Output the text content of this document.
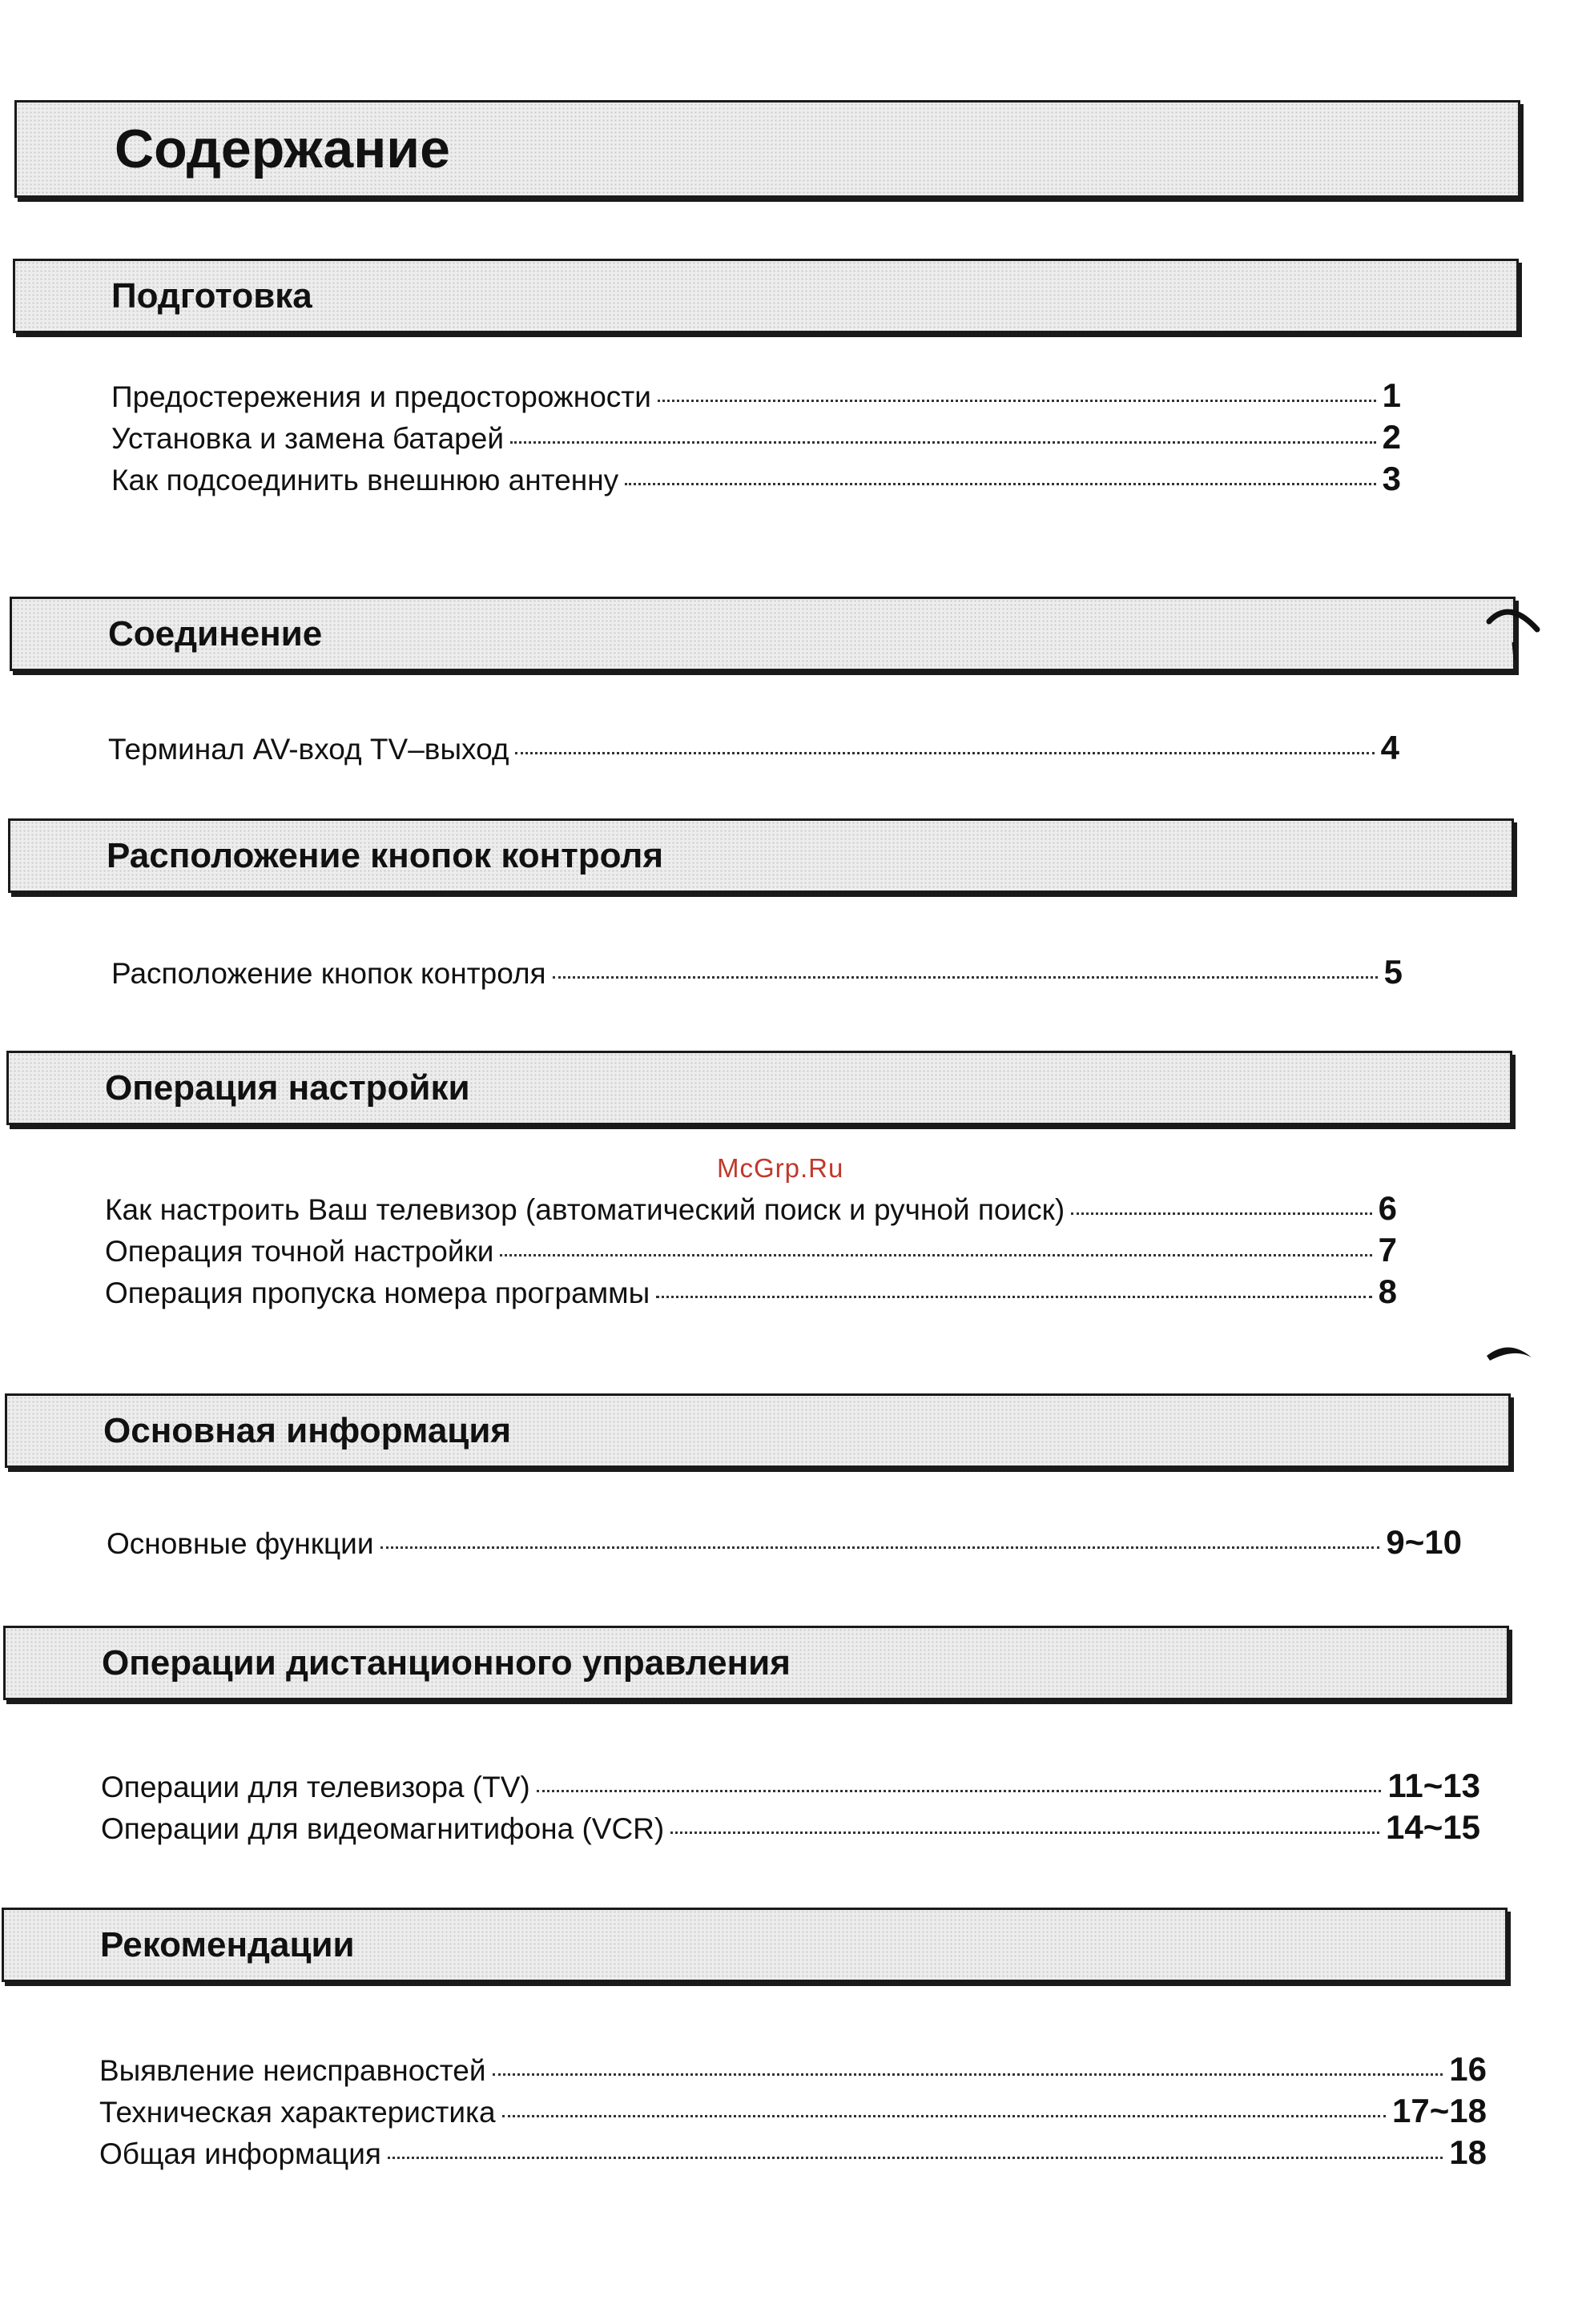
Содержание
Подготовка
Предостережения и предосторожности	1
Установка и замена батарей	2
Как подсоединить внешнюю антенну	3
Соединение
Терминал AV-вход TV–выход	4
Расположение кнопок контроля
Расположение кнопок контроля	5
Операция настройки
McGrp.Ru
Как настроить Ваш телевизор (автоматический поиск и ручной поиск)	6
Операция точной настройки	7
Операция пропуска номера программы	8
Основная информация
Основные функции	9~10
Операции дистанционного управления
Операции для телевизора (TV)	11~13
Операции для видеомагнитифона (VCR)	14~15
Рекомендации
Выявление неисправностей	16
Техническая характеристика	17~18
Общая информация	18
